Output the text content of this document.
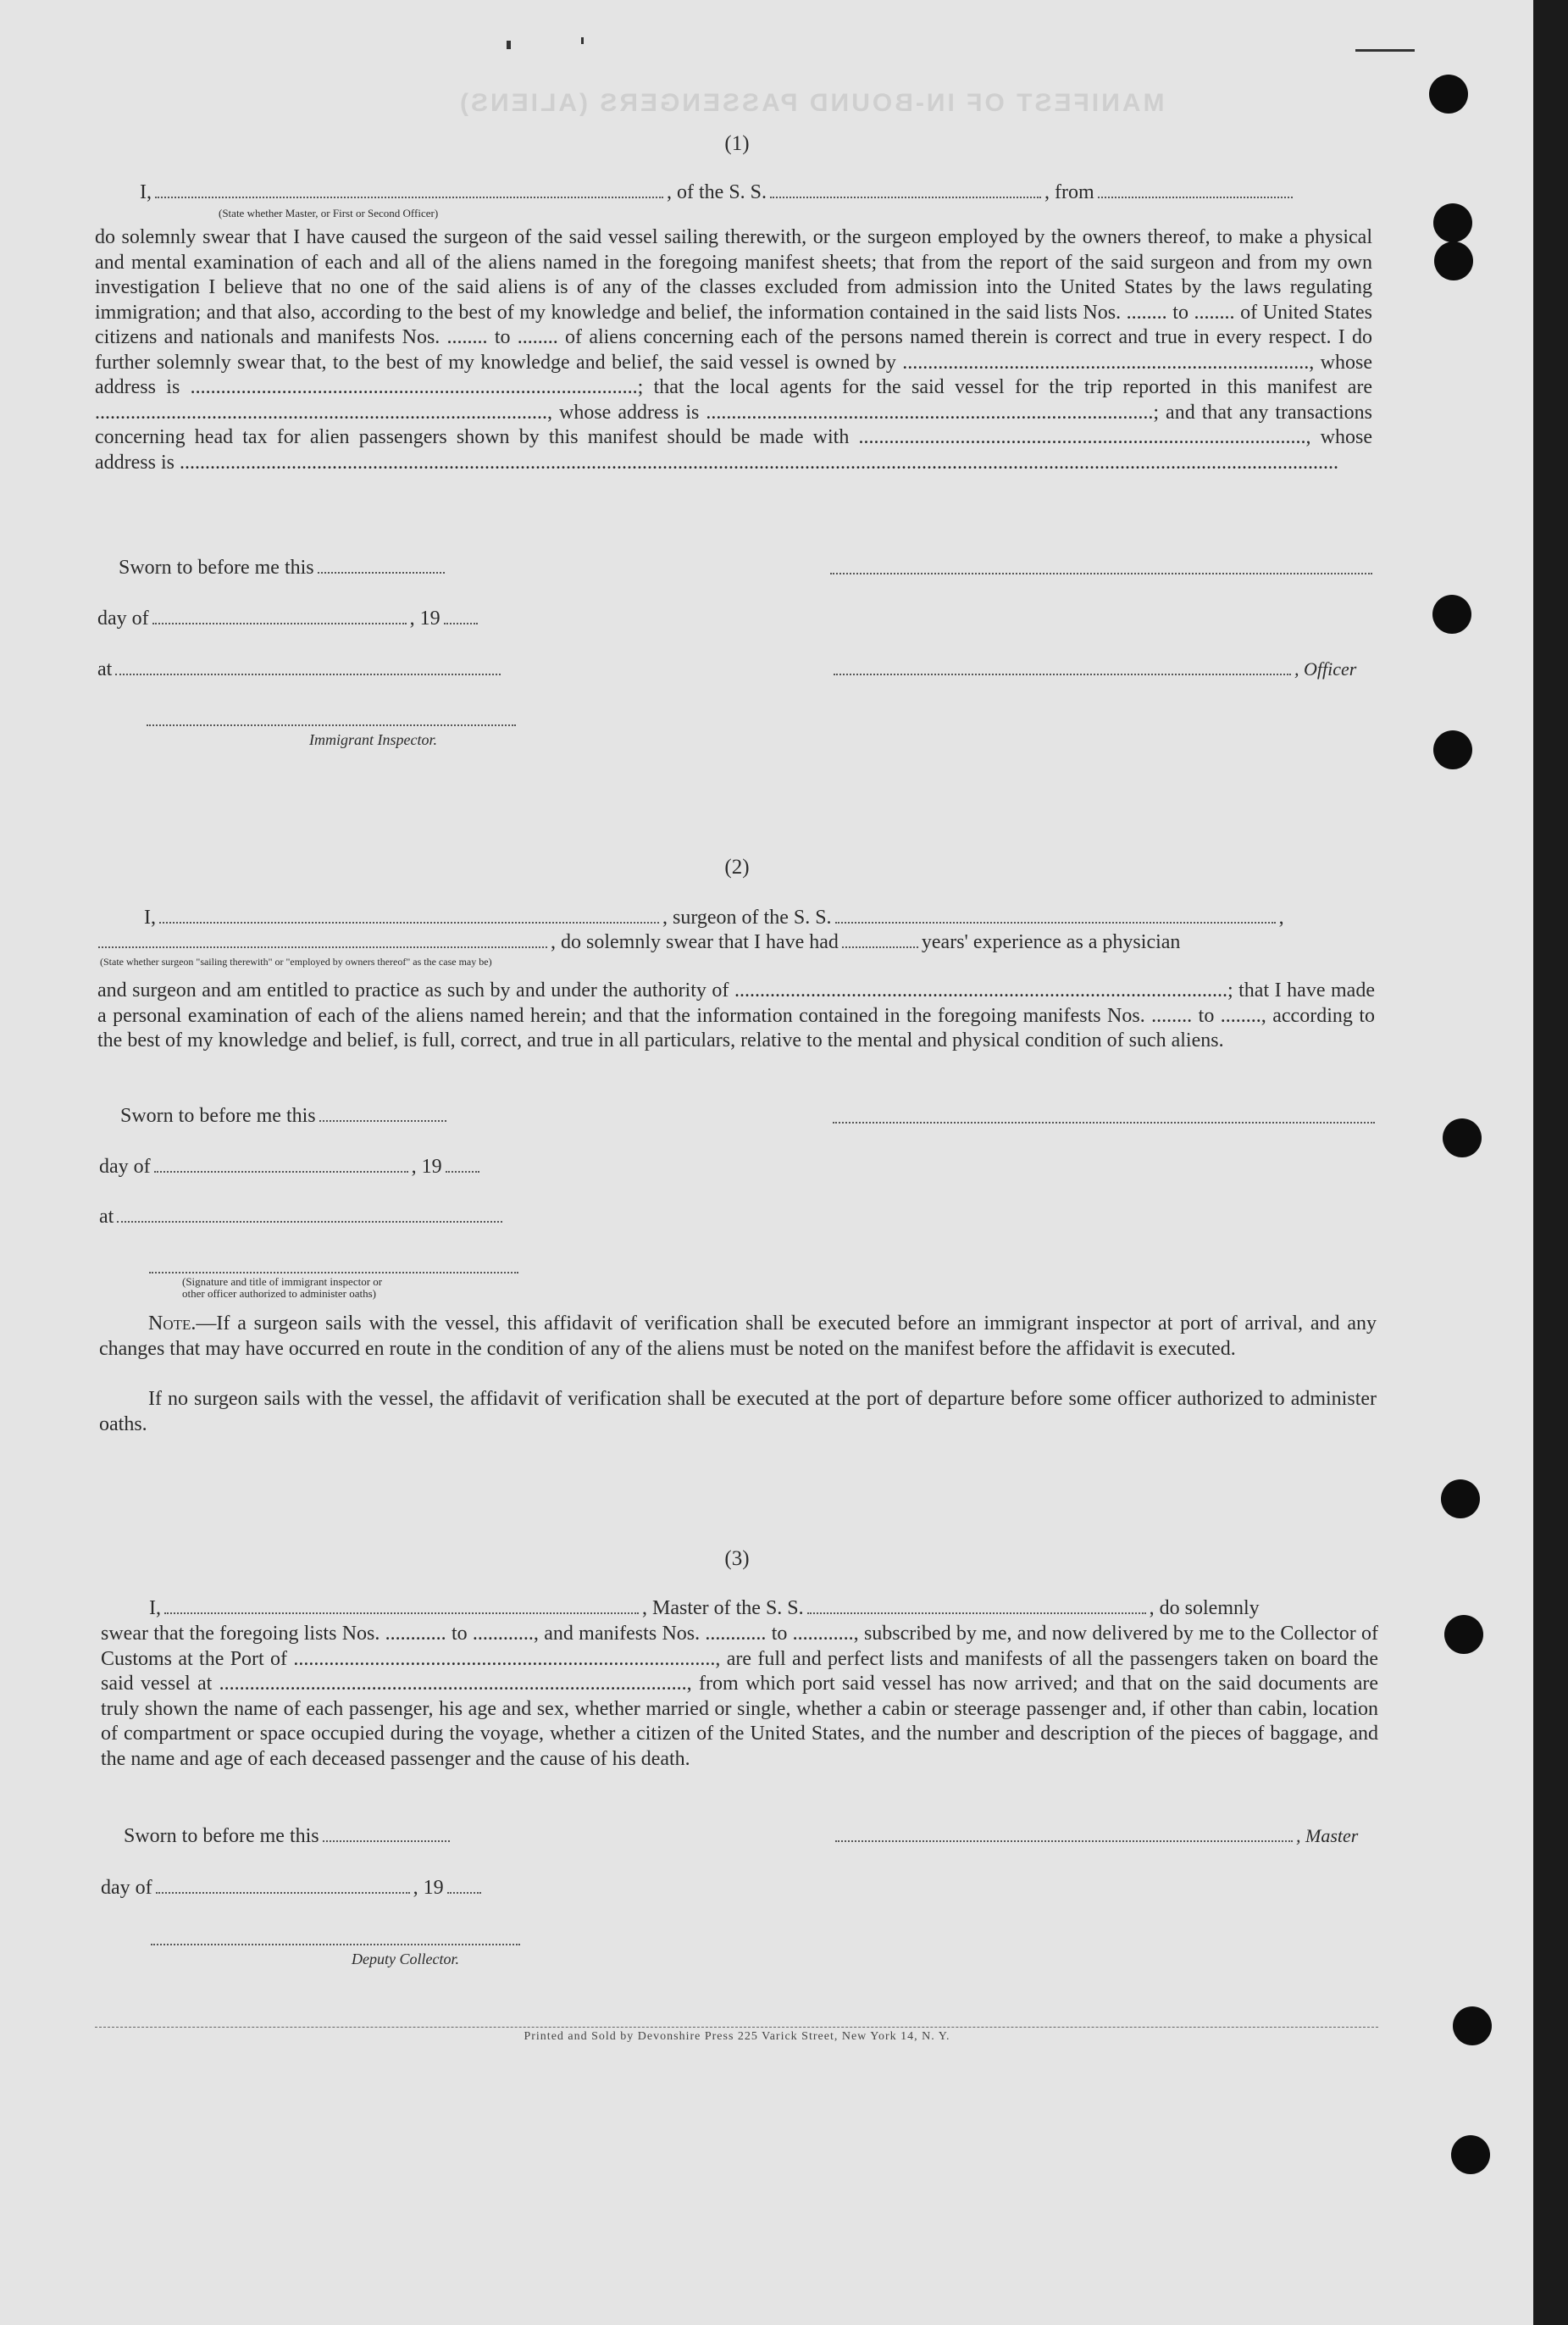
MANIFEST OF IN-BOUND PASSENGERS (ALIENS)
(1)
I,	, of the S. S.	, from
(State whether Master, or First or Second Officer)
do solemnly swear that I have caused the surgeon of the said vessel sailing therewith, or the surgeon employed by the owners thereof, to make a physical and mental examination of each and all of the aliens named in the foregoing manifest sheets; that from the report of the said surgeon and from my own investigation I believe that no one of the said aliens is of any of the classes excluded from admission into the United States by the laws regulating immigration; and that also, according to the best of my knowledge and belief, the information contained in the said lists Nos. ........ to ........ of United States citizens and nationals and manifests Nos. ........ to ........ of aliens concerning each of the persons named therein is correct and true in every respect. I do further solemnly swear that, to the best of my knowledge and belief, the said vessel is owned by ................................................................................, whose address is ........................................................................................; that the local agents for the said vessel for the trip reported in this manifest are ........................................................................................., whose address is ........................................................................................; and that any transactions concerning head tax for alien passengers shown by this manifest should be made with ........................................................................................, whose address is ....................................................................................................................................................................................................................................
Sworn to before me this
day of	, 19
at	, Officer
Immigrant Inspector.
(2)
I,	, surgeon of the S. S.	,
, do solemnly swear that I have had	years' experience as a physician
(State whether surgeon "sailing therewith" or "employed by owners thereof" as the case may be)
and surgeon and am entitled to practice as such by and under the authority of .................................................................................................; that I have made a personal examination of each of the aliens named herein; and that the information contained in the foregoing manifests Nos. ........ to ........, according to the best of my knowledge and belief, is full, correct, and true in all particulars, relative to the mental and physical condition of such aliens.
Sworn to before me this
day of	, 19
at
(Signature and title of immigrant inspector or
other officer authorized to administer oaths)
Note.—If a surgeon sails with the vessel, this affidavit of verification shall be executed before an immigrant inspector at port of arrival, and any changes that may have occurred en route in the condition of any of the aliens must be noted on the manifest before the affidavit is executed.
If no surgeon sails with the vessel, the affidavit of verification shall be executed at the port of departure before some officer authorized to administer oaths.
(3)
I,	, Master of the S. S.	, do solemnly
swear that the foregoing lists Nos. ............ to ............, and manifests Nos. ............ to ............, subscribed by me, and now delivered by me to the Collector of Customs at the Port of ..................................................................................., are full and perfect lists and manifests of all the passengers taken on board the said vessel at ............................................................................................, from which port said vessel has now arrived; and that on the said documents are truly shown the name of each passenger, his age and sex, whether married or single, whether a cabin or steerage passenger and, if other than cabin, location of compartment or space occupied during the voyage, whether a citizen of the United States, and the number and description of the pieces of baggage, and the name and age of each deceased passenger and the cause of his death.
Sworn to before me this	, Master
day of	, 19
Deputy Collector.
Printed and Sold by Devonshire Press 225 Varick Street, New York 14, N. Y.
